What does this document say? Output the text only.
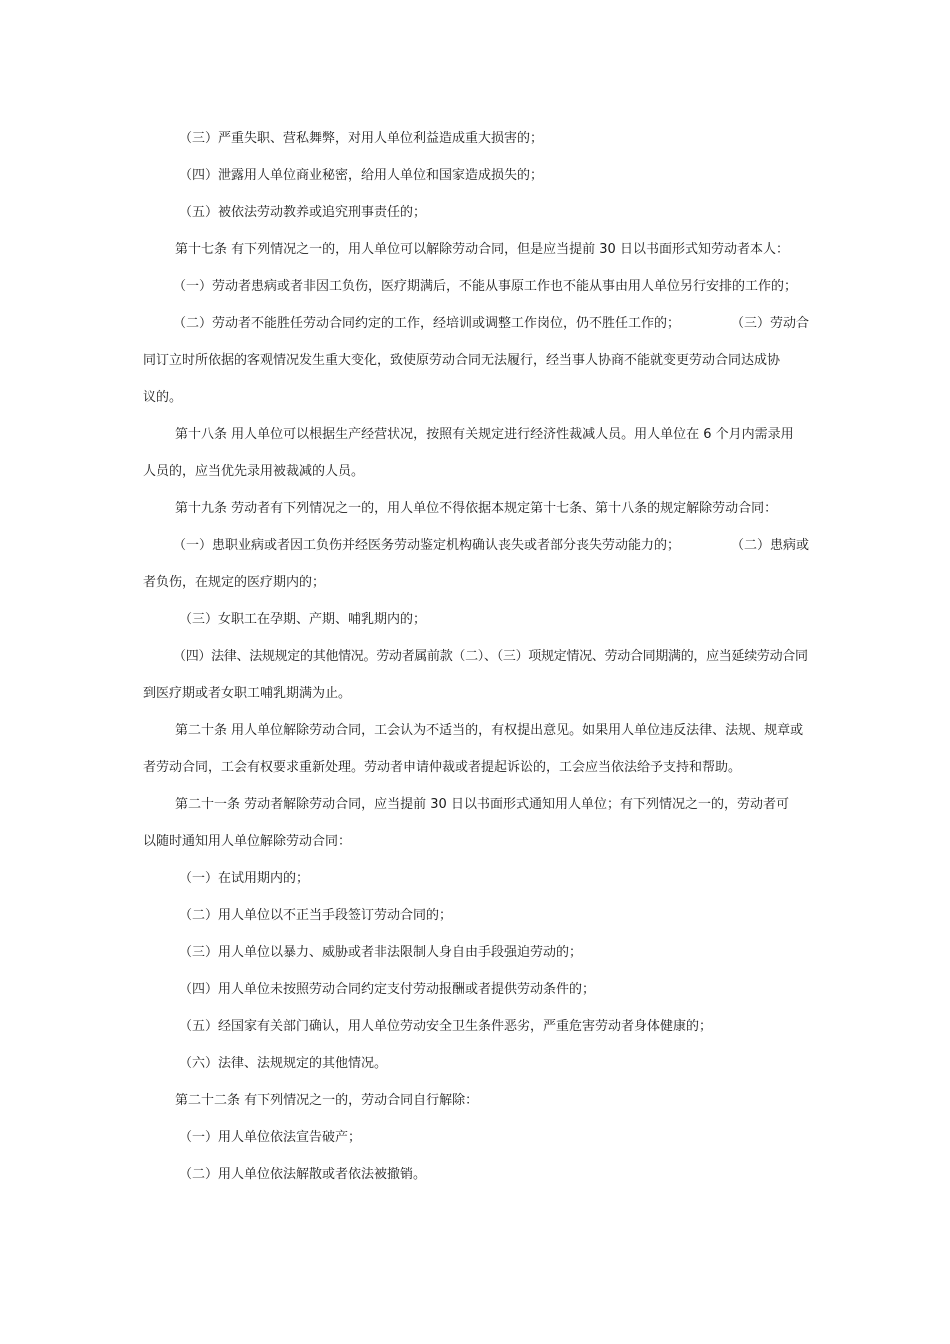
（三）严重失职、营私舞弊，对用人单位利益造成重大损害的；
（四）泄露用人单位商业秘密，给用人单位和国家造成损失的；
（五）被依法劳动教养或追究刑事责任的；
第十七条 有下列情况之一的，用人单位可以解除劳动合同，但是应当提前 30 日以书面形式知劳动者本人：
（一）劳动者患病或者非因工负伤，医疗期满后，不能从事原工作也不能从事由用人单位另行安排的工作的；
（二）劳动者不能胜任劳动合同约定的工作，经培训或调整工作岗位，仍不胜任工作的；	（三）劳动合
同订立时所依据的客观情况发生重大变化，致使原劳动合同无法履行，经当事人协商不能就变更劳动合同达成协
议的。
第十八条 用人单位可以根据生产经营状况，按照有关规定进行经济性裁减人员。用人单位在 6 个月内需录用
人员的，应当优先录用被裁减的人员。
第十九条 劳动者有下列情况之一的，用人单位不得依据本规定第十七条、第十八条的规定解除劳动合同：
（一）患职业病或者因工负伤并经医务劳动鉴定机构确认丧失或者部分丧失劳动能力的；	（二）患病或
者负伤，在规定的医疗期内的；
（三）女职工在孕期、产期、哺乳期内的；
（四）法律、法规规定的其他情况。劳动者属前款（二）、（三）项规定情况、劳动合同期满的，应当延续劳动合同
到医疗期或者女职工哺乳期满为止。
第二十条 用人单位解除劳动合同，工会认为不适当的，有权提出意见。如果用人单位违反法律、法规、规章或
者劳动合同，工会有权要求重新处理。劳动者申请仲裁或者提起诉讼的，工会应当依法给予支持和帮助。
第二十一条 劳动者解除劳动合同，应当提前 30 日以书面形式通知用人单位；有下列情况之一的，劳动者可
以随时通知用人单位解除劳动合同：
（一）在试用期内的；
（二）用人单位以不正当手段签订劳动合同的；
（三）用人单位以暴力、威胁或者非法限制人身自由手段强迫劳动的；
（四）用人单位未按照劳动合同约定支付劳动报酬或者提供劳动条件的；
（五）经国家有关部门确认，用人单位劳动安全卫生条件恶劣，严重危害劳动者身体健康的；
（六）法律、法规规定的其他情况。
第二十二条 有下列情况之一的，劳动合同自行解除：
（一）用人单位依法宣告破产；
（二）用人单位依法解散或者依法被撤销。
